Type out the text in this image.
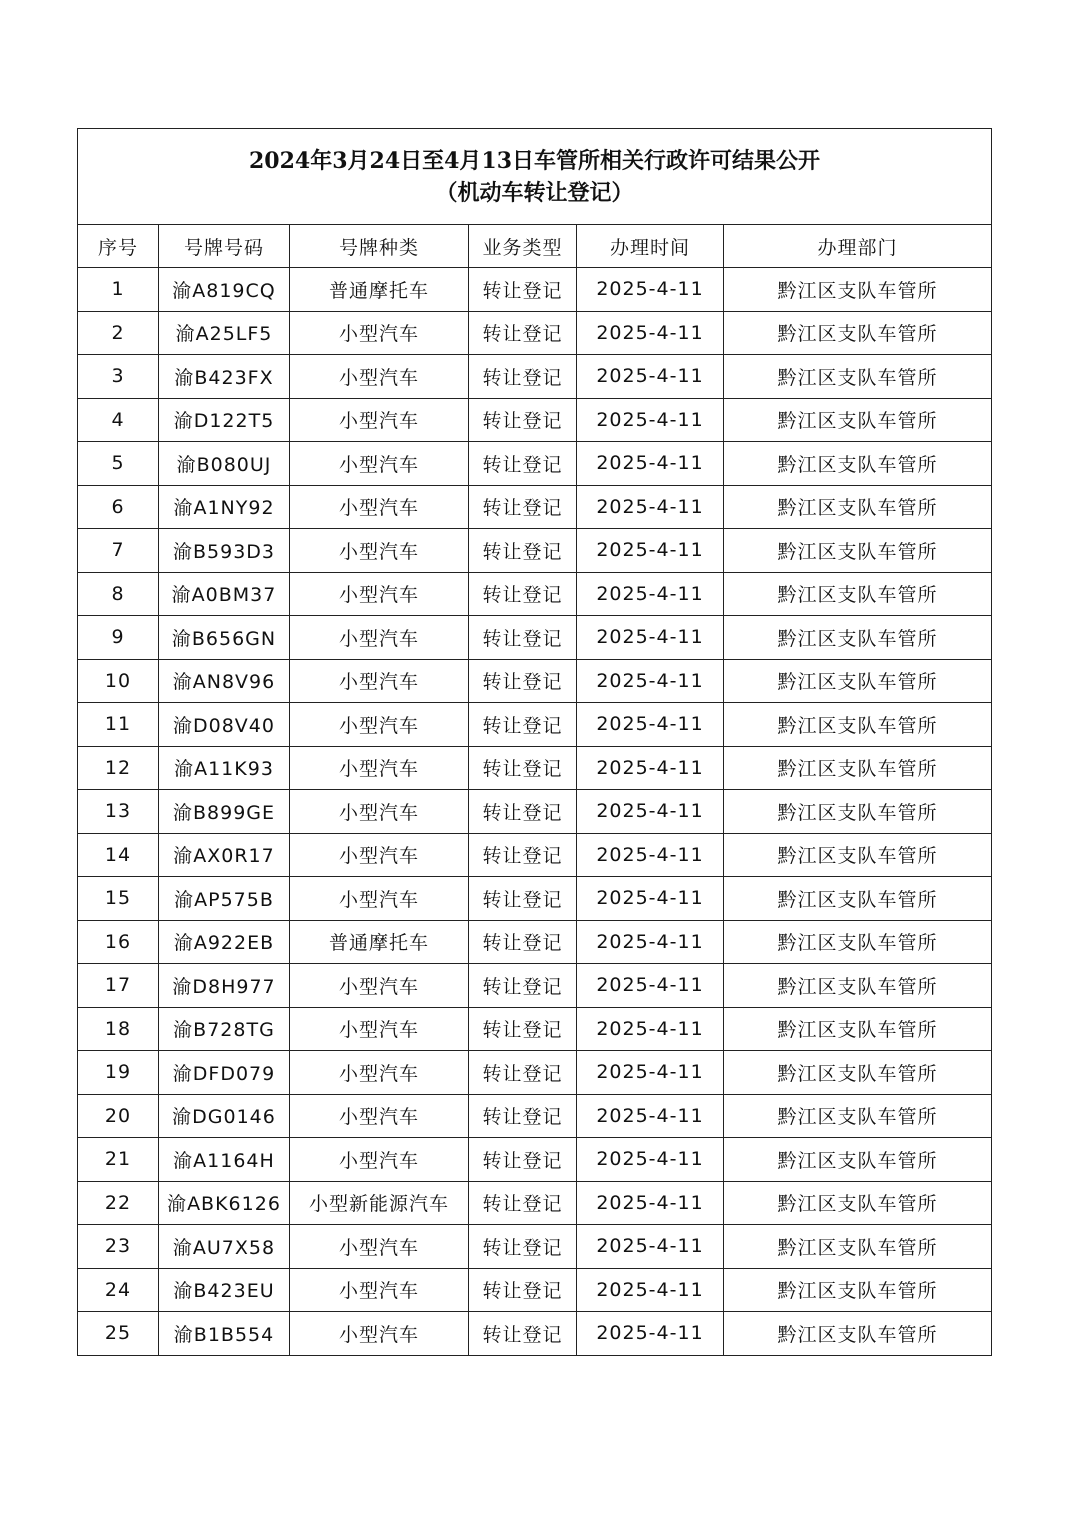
2024年3月24日至4月13日车管所相关行政许可结果公开
（机动车转让登记）					

序号	号牌号码	号牌种类	业务类型	办理时间	办理部门
1	渝A819CQ	普通摩托车	转让登记	2025-4-11	黔江区支队车管所
2	渝A25LF5	小型汽车	转让登记	2025-4-11	黔江区支队车管所
3	渝B423FX	小型汽车	转让登记	2025-4-11	黔江区支队车管所
4	渝D122T5	小型汽车	转让登记	2025-4-11	黔江区支队车管所
5	渝B080UJ	小型汽车	转让登记	2025-4-11	黔江区支队车管所
6	渝A1NY92	小型汽车	转让登记	2025-4-11	黔江区支队车管所
7	渝B593D3	小型汽车	转让登记	2025-4-11	黔江区支队车管所
8	渝A0BM37	小型汽车	转让登记	2025-4-11	黔江区支队车管所
9	渝B656GN	小型汽车	转让登记	2025-4-11	黔江区支队车管所
10	渝AN8V96	小型汽车	转让登记	2025-4-11	黔江区支队车管所
11	渝D08V40	小型汽车	转让登记	2025-4-11	黔江区支队车管所
12	渝A11K93	小型汽车	转让登记	2025-4-11	黔江区支队车管所
13	渝B899GE	小型汽车	转让登记	2025-4-11	黔江区支队车管所
14	渝AX0R17	小型汽车	转让登记	2025-4-11	黔江区支队车管所
15	渝AP575B	小型汽车	转让登记	2025-4-11	黔江区支队车管所
16	渝A922EB	普通摩托车	转让登记	2025-4-11	黔江区支队车管所
17	渝D8H977	小型汽车	转让登记	2025-4-11	黔江区支队车管所
18	渝B728TG	小型汽车	转让登记	2025-4-11	黔江区支队车管所
19	渝DFD079	小型汽车	转让登记	2025-4-11	黔江区支队车管所
20	渝DG0146	小型汽车	转让登记	2025-4-11	黔江区支队车管所
21	渝A1164H	小型汽车	转让登记	2025-4-11	黔江区支队车管所
22	渝ABK6126	小型新能源汽车	转让登记	2025-4-11	黔江区支队车管所
23	渝AU7X58	小型汽车	转让登记	2025-4-11	黔江区支队车管所
24	渝B423EU	小型汽车	转让登记	2025-4-11	黔江区支队车管所
25	渝B1B554	小型汽车	转让登记	2025-4-11	黔江区支队车管所
